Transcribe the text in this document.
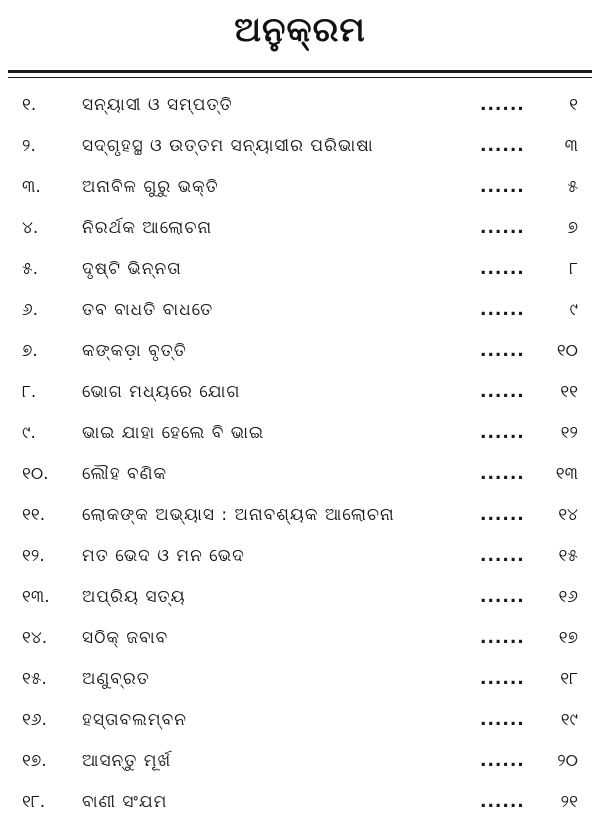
ଅନୁକ୍ରମ
୧.	ସନ୍ୟାସୀ ଓ ସମ୍ପତ୍ତି	......	୧
୨.	ସଦ୍‌ଗୃହସ୍ଥ ଓ ଉତ୍ତମ ସନ୍ୟାସୀର ପରିଭାଷା	......	୩
୩.	ଅନାବିଳ ଗୁରୁ ଭକ୍ତି	......	୫
୪.	ନିରର୍ଥକ ଆଲୋଚନା	......	୭
୫.	ଦୃଷ୍ଟି ଭିନ୍ନତା	......	୮
୬.	ତବ ବାଧତି ବାଧତେ	......	୯
୭.	କଙ୍କଡ଼ା ବୃତ୍ତି	......	୧୦
୮.	ଭୋଗ ମଧ୍ୟରେ ଯୋଗ	......	୧୧
୯.	ଭାଇ ଯାହା ହେଲେ ବି ଭାଇ	......	୧୨
୧୦.	ଲୌହ ବଣିକ	......	୧୩
୧୧.	ଲୋକଙ୍କ ଅଭ୍ୟାସ : ଅନାବଶ୍ୟକ ଆଲୋଚନା	......	୧୪
୧୨.	ମତ ଭେଦ ଓ ମନ ଭେଦ	......	୧୫
୧୩.	ଅପ୍ରିୟ ସତ୍ୟ	......	୧୬
୧୪.	ସଠିକ୍ ଜବାବ	......	୧୭
୧୫.	ଅଣୁବ୍ରତ	......	୧୮
୧୬.	ହସ୍ତାବଲମ୍ବନ	......	୧୯
୧୭.	ଆସନ୍ତୁ ମୂର୍ଖ	......	୨୦
୧୮.	ବାଣୀ ସଂଯମ	......	୨୧
